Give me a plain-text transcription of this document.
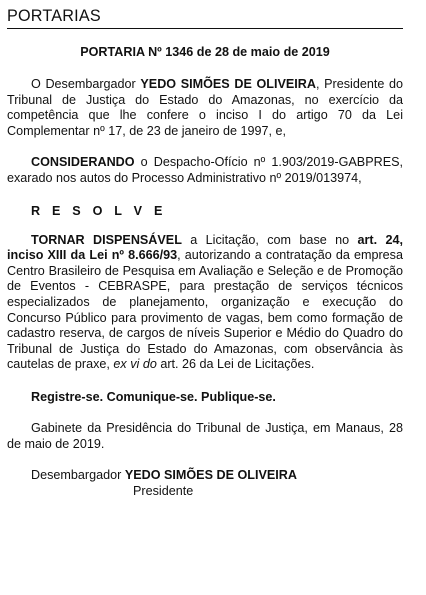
PORTARIAS
PORTARIA Nº 1346 de 28 de maio de 2019

O Desembargador YEDO SIMÕES DE OLIVEIRA, Presidente do Tribunal de Justiça do Estado do Amazonas, no exercício da competência que lhe confere o inciso I do artigo 70 da Lei Complementar nº 17, de 23 de janeiro de 1997, e,

CONSIDERANDO o Despacho-Ofício nº 1.903/2019-GABPRES, exarado nos autos do Processo Administrativo nº 2019/013974,

R E S O L V E

TORNAR DISPENSÁVEL a Licitação, com base no art. 24, inciso XIII da Lei nº 8.666/93, autorizando a contratação da empresa Centro Brasileiro de Pesquisa em Avaliação e Seleção e de Promoção de Eventos - CEBRASPE, para prestação de serviços técnicos especializados de planejamento, organização e execução do Concurso Público para provimento de vagas, bem como formação de cadastro reserva, de cargos de níveis Superior e Médio do Quadro do Tribunal de Justiça do Estado do Amazonas, com observância às cautelas de praxe, ex vi do art. 26 da Lei de Licitações.

Registre-se. Comunique-se. Publique-se.

Gabinete da Presidência do Tribunal de Justiça, em Manaus, 28 de maio de 2019.

Desembargador YEDO SIMÕES DE OLIVEIRA
Presidente
